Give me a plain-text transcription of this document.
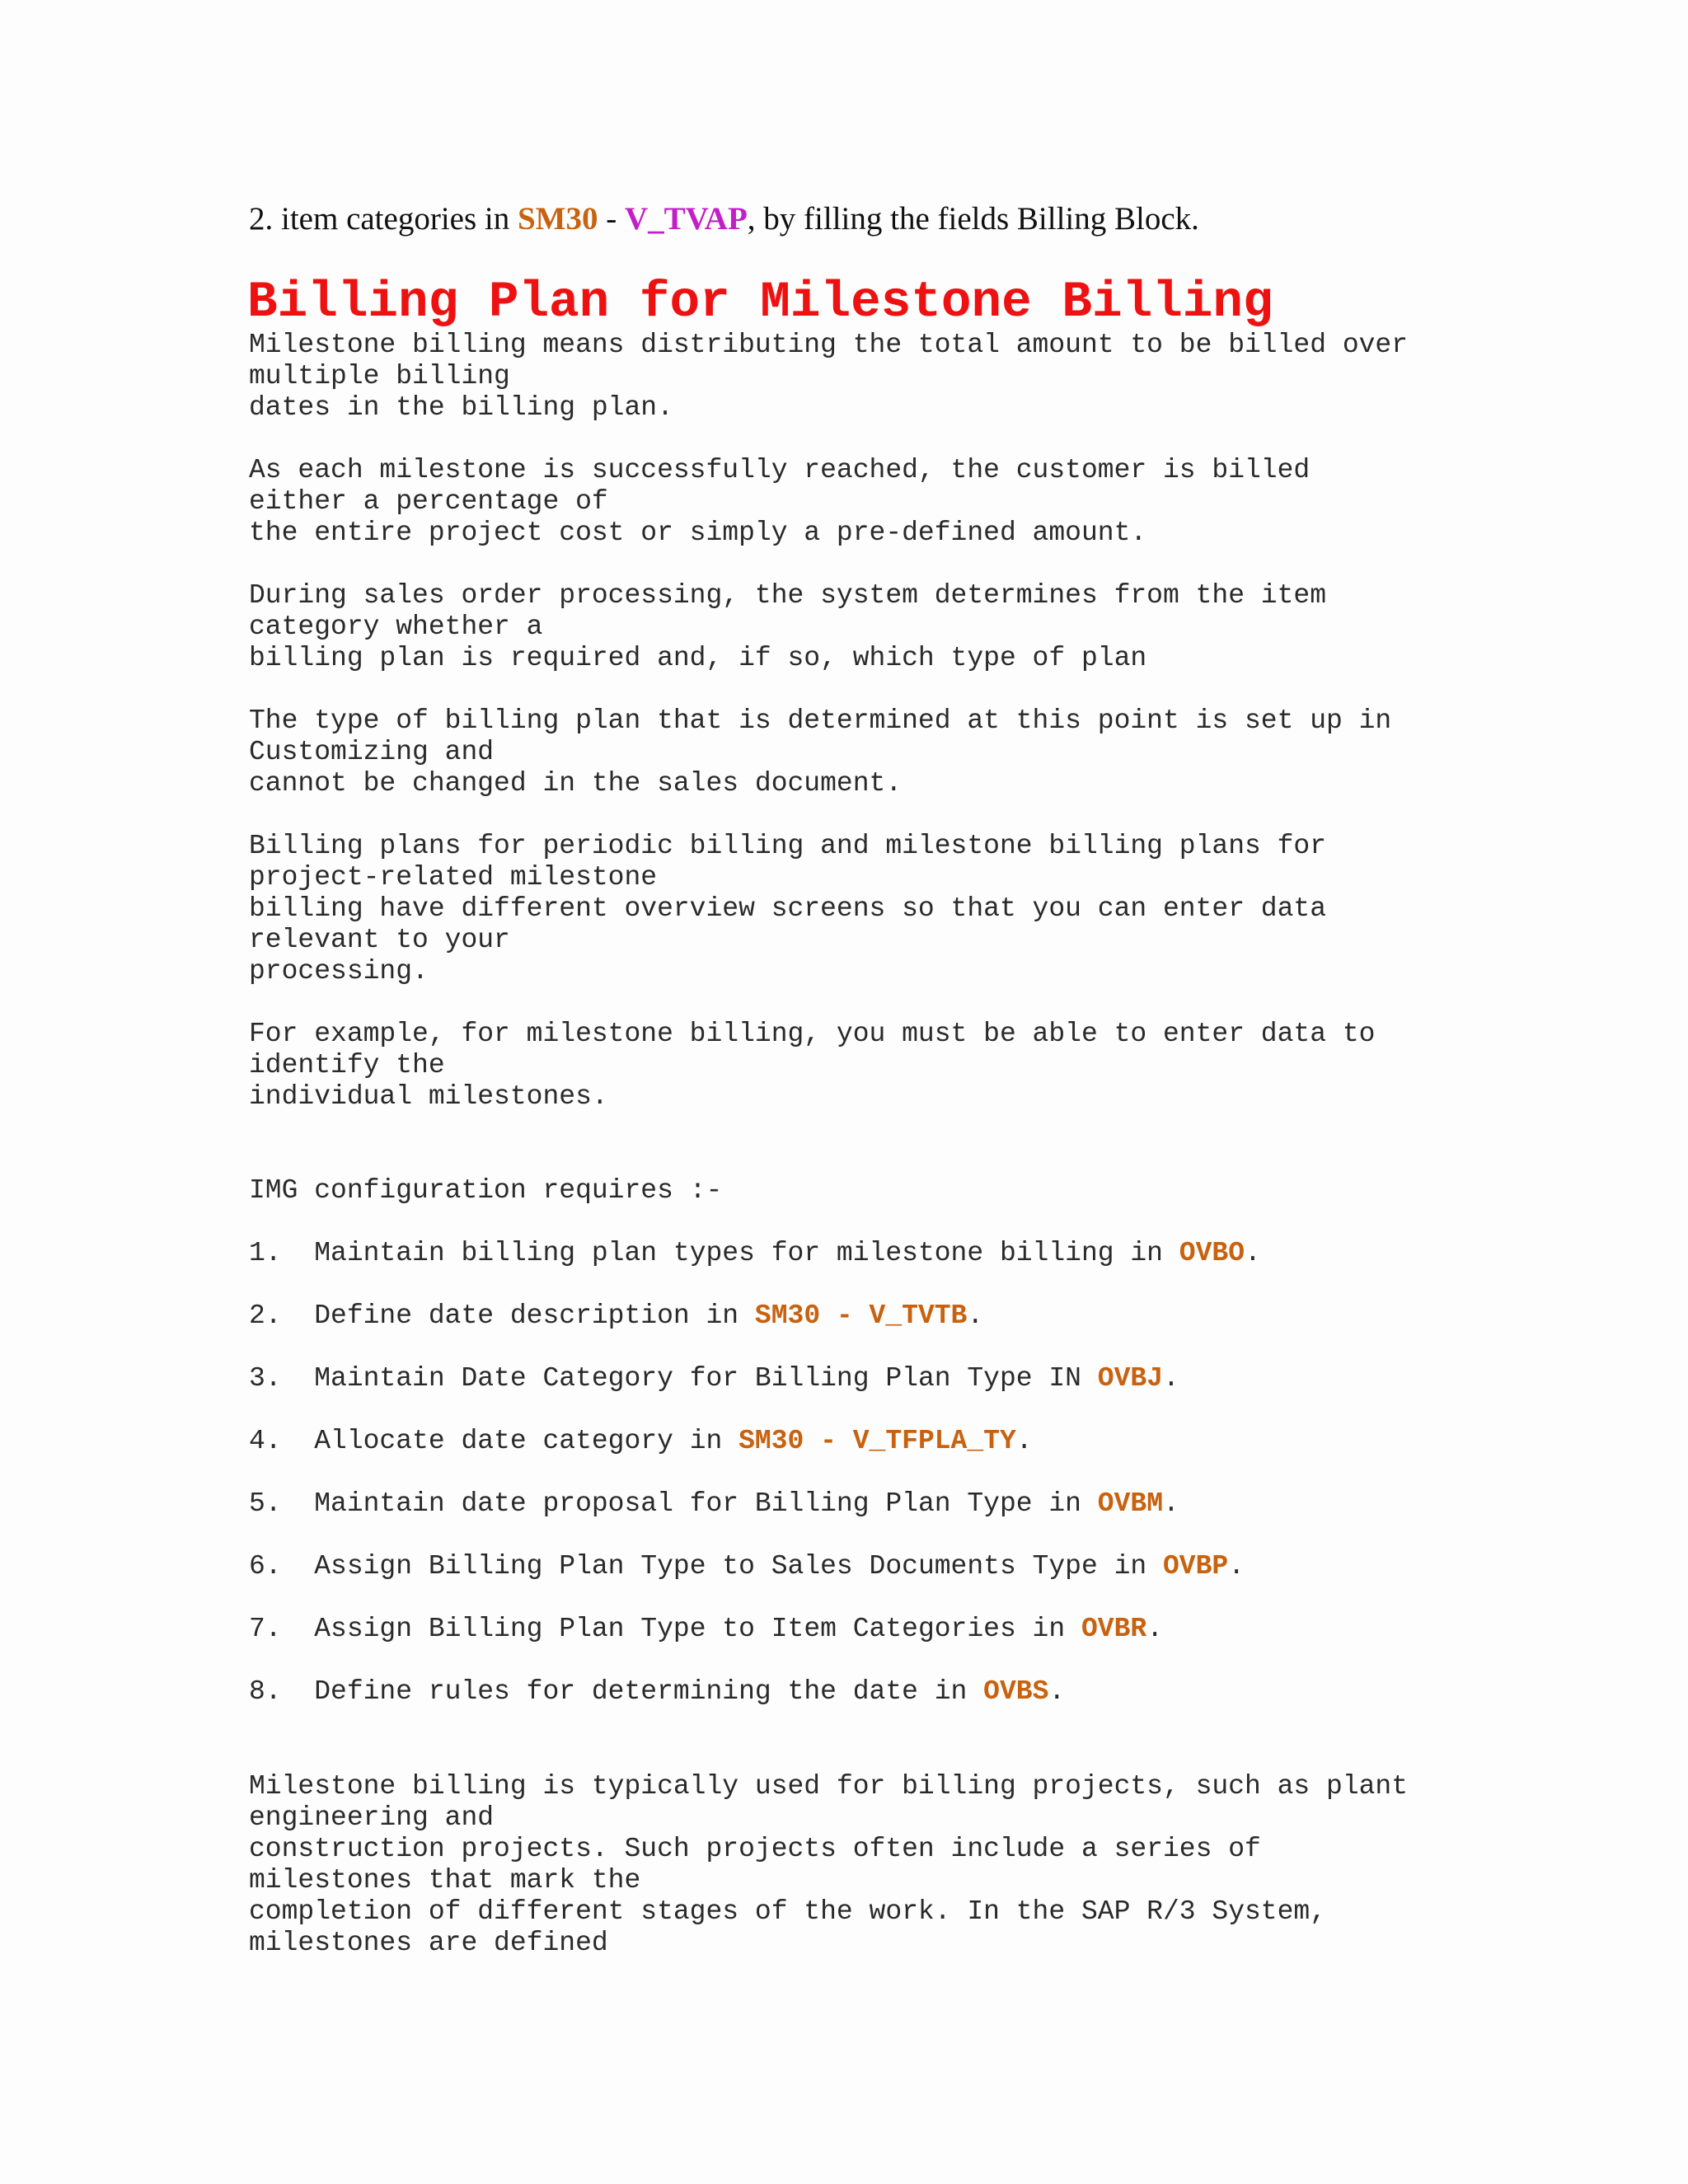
2. item categories in SM30 - V_TVAP, by filling the fields Billing Block.
Billing Plan for Milestone Billing
Milestone billing means distributing the total amount to be billed over
multiple billing
dates in the billing plan.
As each milestone is successfully reached, the customer is billed
either a percentage of
the entire project cost or simply a pre-defined amount.
During sales order processing, the system determines from the item
category whether a
billing plan is required and, if so, which type of plan
The type of billing plan that is determined at this point is set up in
Customizing and
cannot be changed in the sales document.
Billing plans for periodic billing and milestone billing plans for
project-related milestone
billing have different overview screens so that you can enter data
relevant to your
processing.
For example, for milestone billing, you must be able to enter data to
identify the
individual milestones.
IMG configuration requires :-
1. Maintain billing plan types for milestone billing in OVBO.
2. Define date description in SM30 - V_TVTB.
3. Maintain Date Category for Billing Plan Type IN OVBJ.
4. Allocate date category in SM30 - V_TFPLA_TY.
5. Maintain date proposal for Billing Plan Type in OVBM.
6. Assign Billing Plan Type to Sales Documents Type in OVBP.
7. Assign Billing Plan Type to Item Categories in OVBR.
8. Define rules for determining the date in OVBS.
Milestone billing is typically used for billing projects, such as plant
engineering and
construction projects. Such projects often include a series of
milestones that mark the
completion of different stages of the work. In the SAP R/3 System,
milestones are defined
